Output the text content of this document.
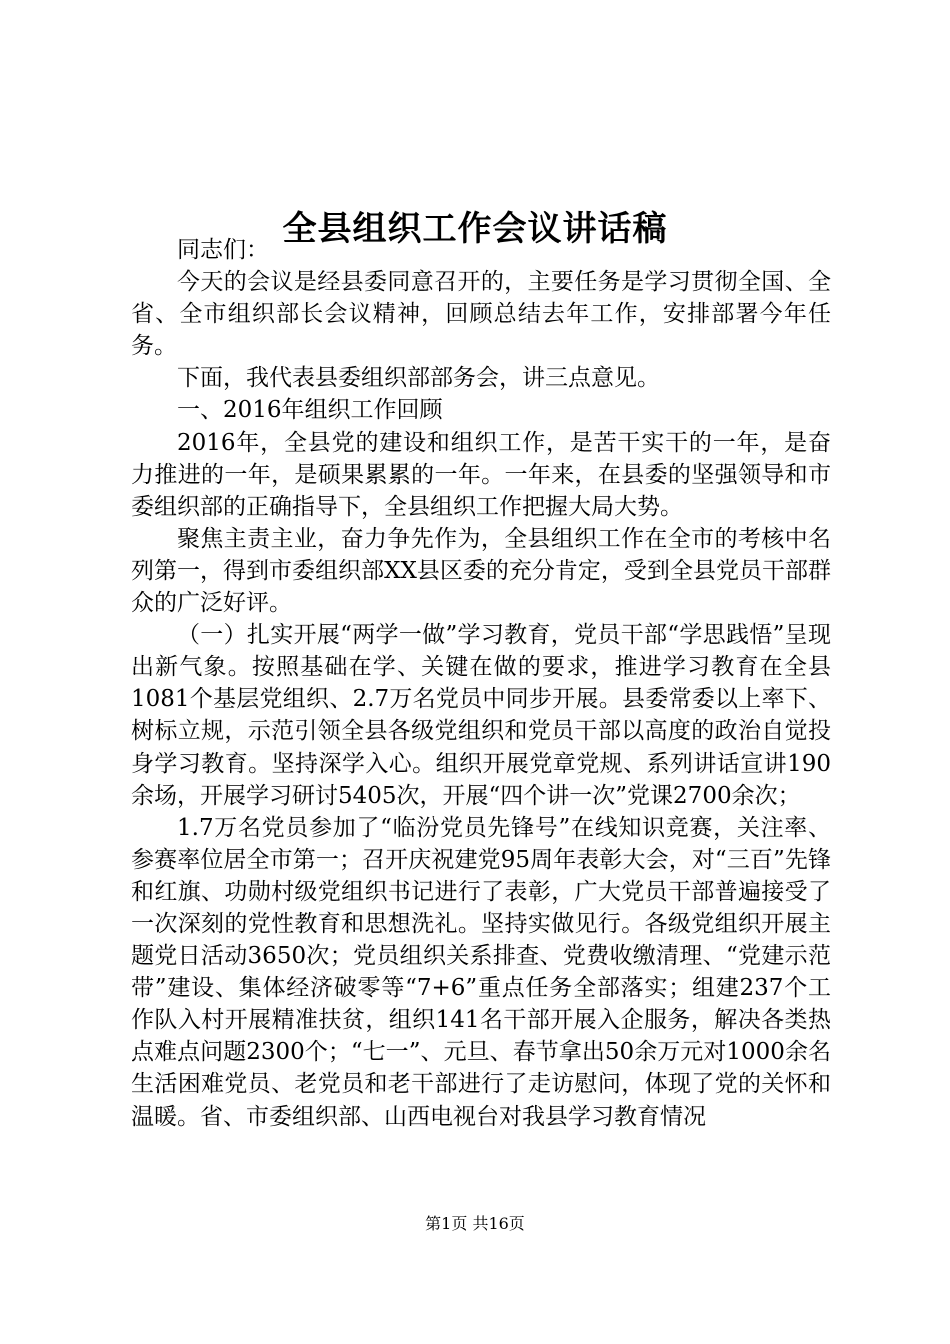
全县组织工作会议讲话稿

同志们：

今天的会议是经县委同意召开的，主要任务是学习贯彻全国、全省、全市组织部长会议精神，回顾总结去年工作，安排部署今年任务。

下面，我代表县委组织部部务会，讲三点意见。

一、2016年组织工作回顾

2016年，全县党的建设和组织工作，是苦干实干的一年，是奋力推进的一年，是硕果累累的一年。一年来，在县委的坚强领导和市委组织部的正确指导下，全县组织工作把握大局大势。

聚焦主责主业，奋力争先作为，全县组织工作在全市的考核中名列第一，得到市委组织部XX县区委的充分肯定，受到全县党员干部群众的广泛好评。

（一）扎实开展“两学一做”学习教育，党员干部“学思践悟”呈现出新气象。按照基础在学、关键在做的要求，推进学习教育在全县1081个基层党组织、2.7万名党员中同步开展。县委常委以上率下、树标立规，示范引领全县各级党组织和党员干部以高度的政治自觉投身学习教育。坚持深学入心。组织开展党章党规、系列讲话宣讲190余场，开展学习研讨5405次，开展“四个讲一次”党课2700余次；

1.7万名党员参加了“临汾党员先锋号”在线知识竞赛，关注率、参赛率位居全市第一；召开庆祝建党95周年表彰大会，对“三百”先锋和红旗、功勋村级党组织书记进行了表彰，广大党员干部普遍接受了一次深刻的党性教育和思想洗礼。坚持实做见行。各级党组织开展主题党日活动3650次；党员组织关系排查、党费收缴清理、“党建示范带”建设、集体经济破零等“7+6”重点任务全部落实；组建237个工作队入村开展精准扶贫，组织141名干部开展入企服务，解决各类热点难点问题2300个；“七一”、元旦、春节拿出50余万元对1000余名生活困难党员、老党员和老干部进行了走访慰问，体现了党的关怀和温暖。省、市委组织部、山西电视台对我县学习教育情况

第1页 共16页
